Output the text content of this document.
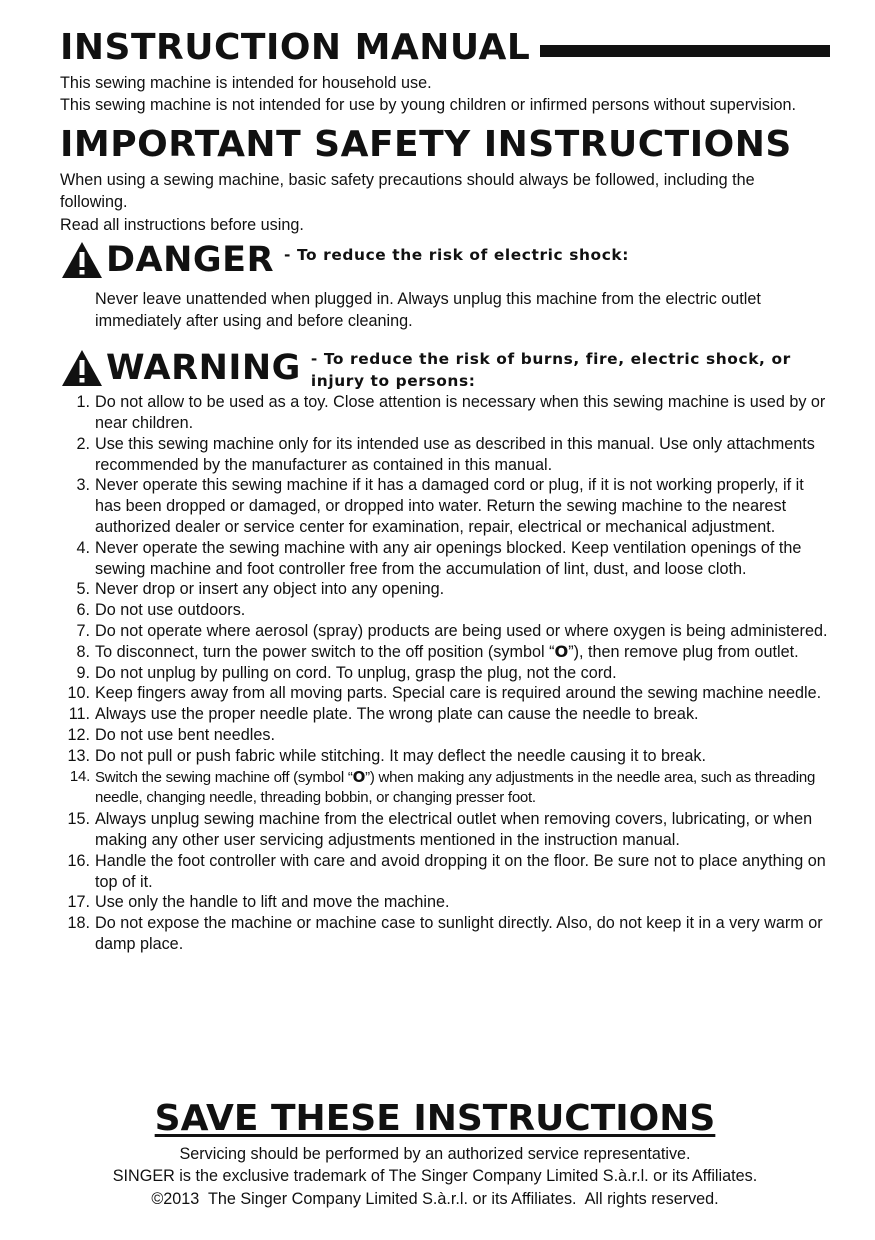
INSTRUCTION MANUAL

This sewing machine is intended for household use.

This sewing machine is not intended for use by young children or infirmed persons without supervision.

IMPORTANT SAFETY INSTRUCTIONS

When using a sewing machine, basic safety precautions should always be followed, including the following.

Read all instructions before using.

DANGER - To reduce the risk of electric shock:

Never leave unattended when plugged in. Always unplug this machine from the electric outlet immediately after using and before cleaning.

WARNING - To reduce the risk of burns, fire, electric shock, or injury to persons:
1. Do not allow to be used as a toy. Close attention is necessary when this sewing machine is used by or near children.
2. Use this sewing machine only for its intended use as described in this manual. Use only attachments recommended by the manufacturer as contained in this manual.
3. Never operate this sewing machine if it has a damaged cord or plug, if it is not working properly, if it has been dropped or damaged, or dropped into water. Return the sewing machine to the nearest authorized dealer or service center for examination, repair, electrical or mechanical adjustment.
4. Never operate the sewing machine with any air openings blocked. Keep ventilation openings of the sewing machine and foot controller free from the accumulation of lint, dust, and loose cloth.
5. Never drop or insert any object into any opening.
6. Do not use outdoors.
7. Do not operate where aerosol (spray) products are being used or where oxygen is being administered.
8. To disconnect, turn the power switch to the off position (symbol “O”), then remove plug from outlet.
9. Do not unplug by pulling on cord. To unplug, grasp the plug, not the cord.
10. Keep fingers away from all moving parts. Special care is required around the sewing machine needle.
11. Always use the proper needle plate. The wrong plate can cause the needle to break.
12. Do not use bent needles.
13. Do not pull or push fabric while stitching. It may deflect the needle causing it to break.
14. Switch the sewing machine off (symbol “O”) when making any adjustments in the needle area, such as threading needle, changing needle, threading bobbin, or changing presser foot.
15. Always unplug sewing machine from the electrical outlet when removing covers, lubricating, or when making any other user servicing adjustments mentioned in the instruction manual.
16. Handle the foot controller with care and avoid dropping it on the floor. Be sure not to place anything on top of it.
17. Use only the handle to lift and move the machine.
18. Do not expose the machine or machine case to sunlight directly. Also, do not keep it in a very warm or damp place.
SAVE THESE INSTRUCTIONS
Servicing should be performed by an authorized service representative.
SINGER is the exclusive trademark of The Singer Company Limited S.à.r.l. or its Affiliates.
©2013  The Singer Company Limited S.à.r.l. or its Affiliates.  All rights reserved.
